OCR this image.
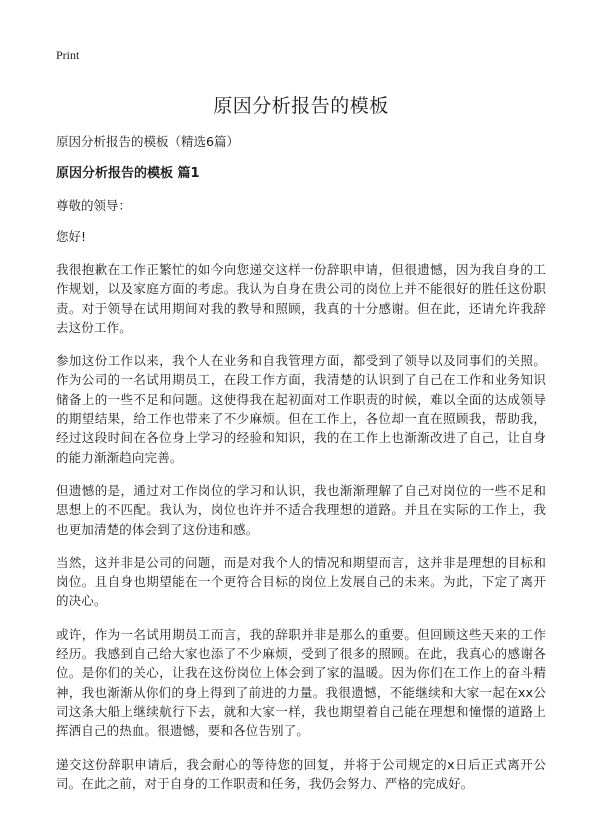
Print

原因分析报告的模板

原因分析报告的模板（精选6篇）

原因分析报告的模板 篇1

尊敬的领导：

您好!

我很抱歉在工作正繁忙的如今向您递交这样一份辞职申请，但很遗憾，因为我自身的工作规划，以及家庭方面的考虑。我认为自身在贵公司的岗位上并不能很好的胜任这份职责。对于领导在试用期间对我的教导和照顾，我真的十分感谢。但在此，还请允许我辞去这份工作。

参加这份工作以来，我个人在业务和自我管理方面，都受到了领导以及同事们的关照。作为公司的一名试用期员工，在段工作方面，我清楚的认识到了自己在工作和业务知识储备上的一些不足和问题。这使得我在起初面对工作职责的时候，难以全面的达成领导的期望结果，给工作也带来了不少麻烦。但在工作上，各位却一直在照顾我，帮助我，经过这段时间在各位身上学习的经验和知识，我的在工作上也渐渐改进了自己，让自身的能力渐渐趋向完善。

但遗憾的是，通过对工作岗位的学习和认识，我也渐渐理解了自己对岗位的一些不足和思想上的不匹配。我认为，岗位也许并不适合我理想的道路。并且在实际的工作上，我也更加清楚的体会到了这份违和感。

当然，这并非是公司的问题，而是对我个人的情况和期望而言，这并非是理想的目标和岗位。且自身也期望能在一个更符合目标的岗位上发展自己的未来。为此，下定了离开的决心。

或许，作为一名试用期员工而言，我的辞职并非是那么的重要。但回顾这些天来的工作经历。我感到自己给大家也添了不少麻烦，受到了很多的照顾。在此，我真心的感谢各位。是你们的关心，让我在这份岗位上体会到了家的温暖。因为你们在工作上的奋斗精神，我也渐渐从你们的身上得到了前进的力量。我很遗憾，不能继续和大家一起在xx公司这条大船上继续航行下去，就和大家一样，我也期望着自己能在理想和憧憬的道路上挥洒自己的热血。很遗憾，要和各位告别了。

递交这份辞职申请后，我会耐心的等待您的回复，并将于公司规定的x日后正式离开公司。在此之前，对于自身的工作职责和任务，我仍会努力、严格的完成好。
